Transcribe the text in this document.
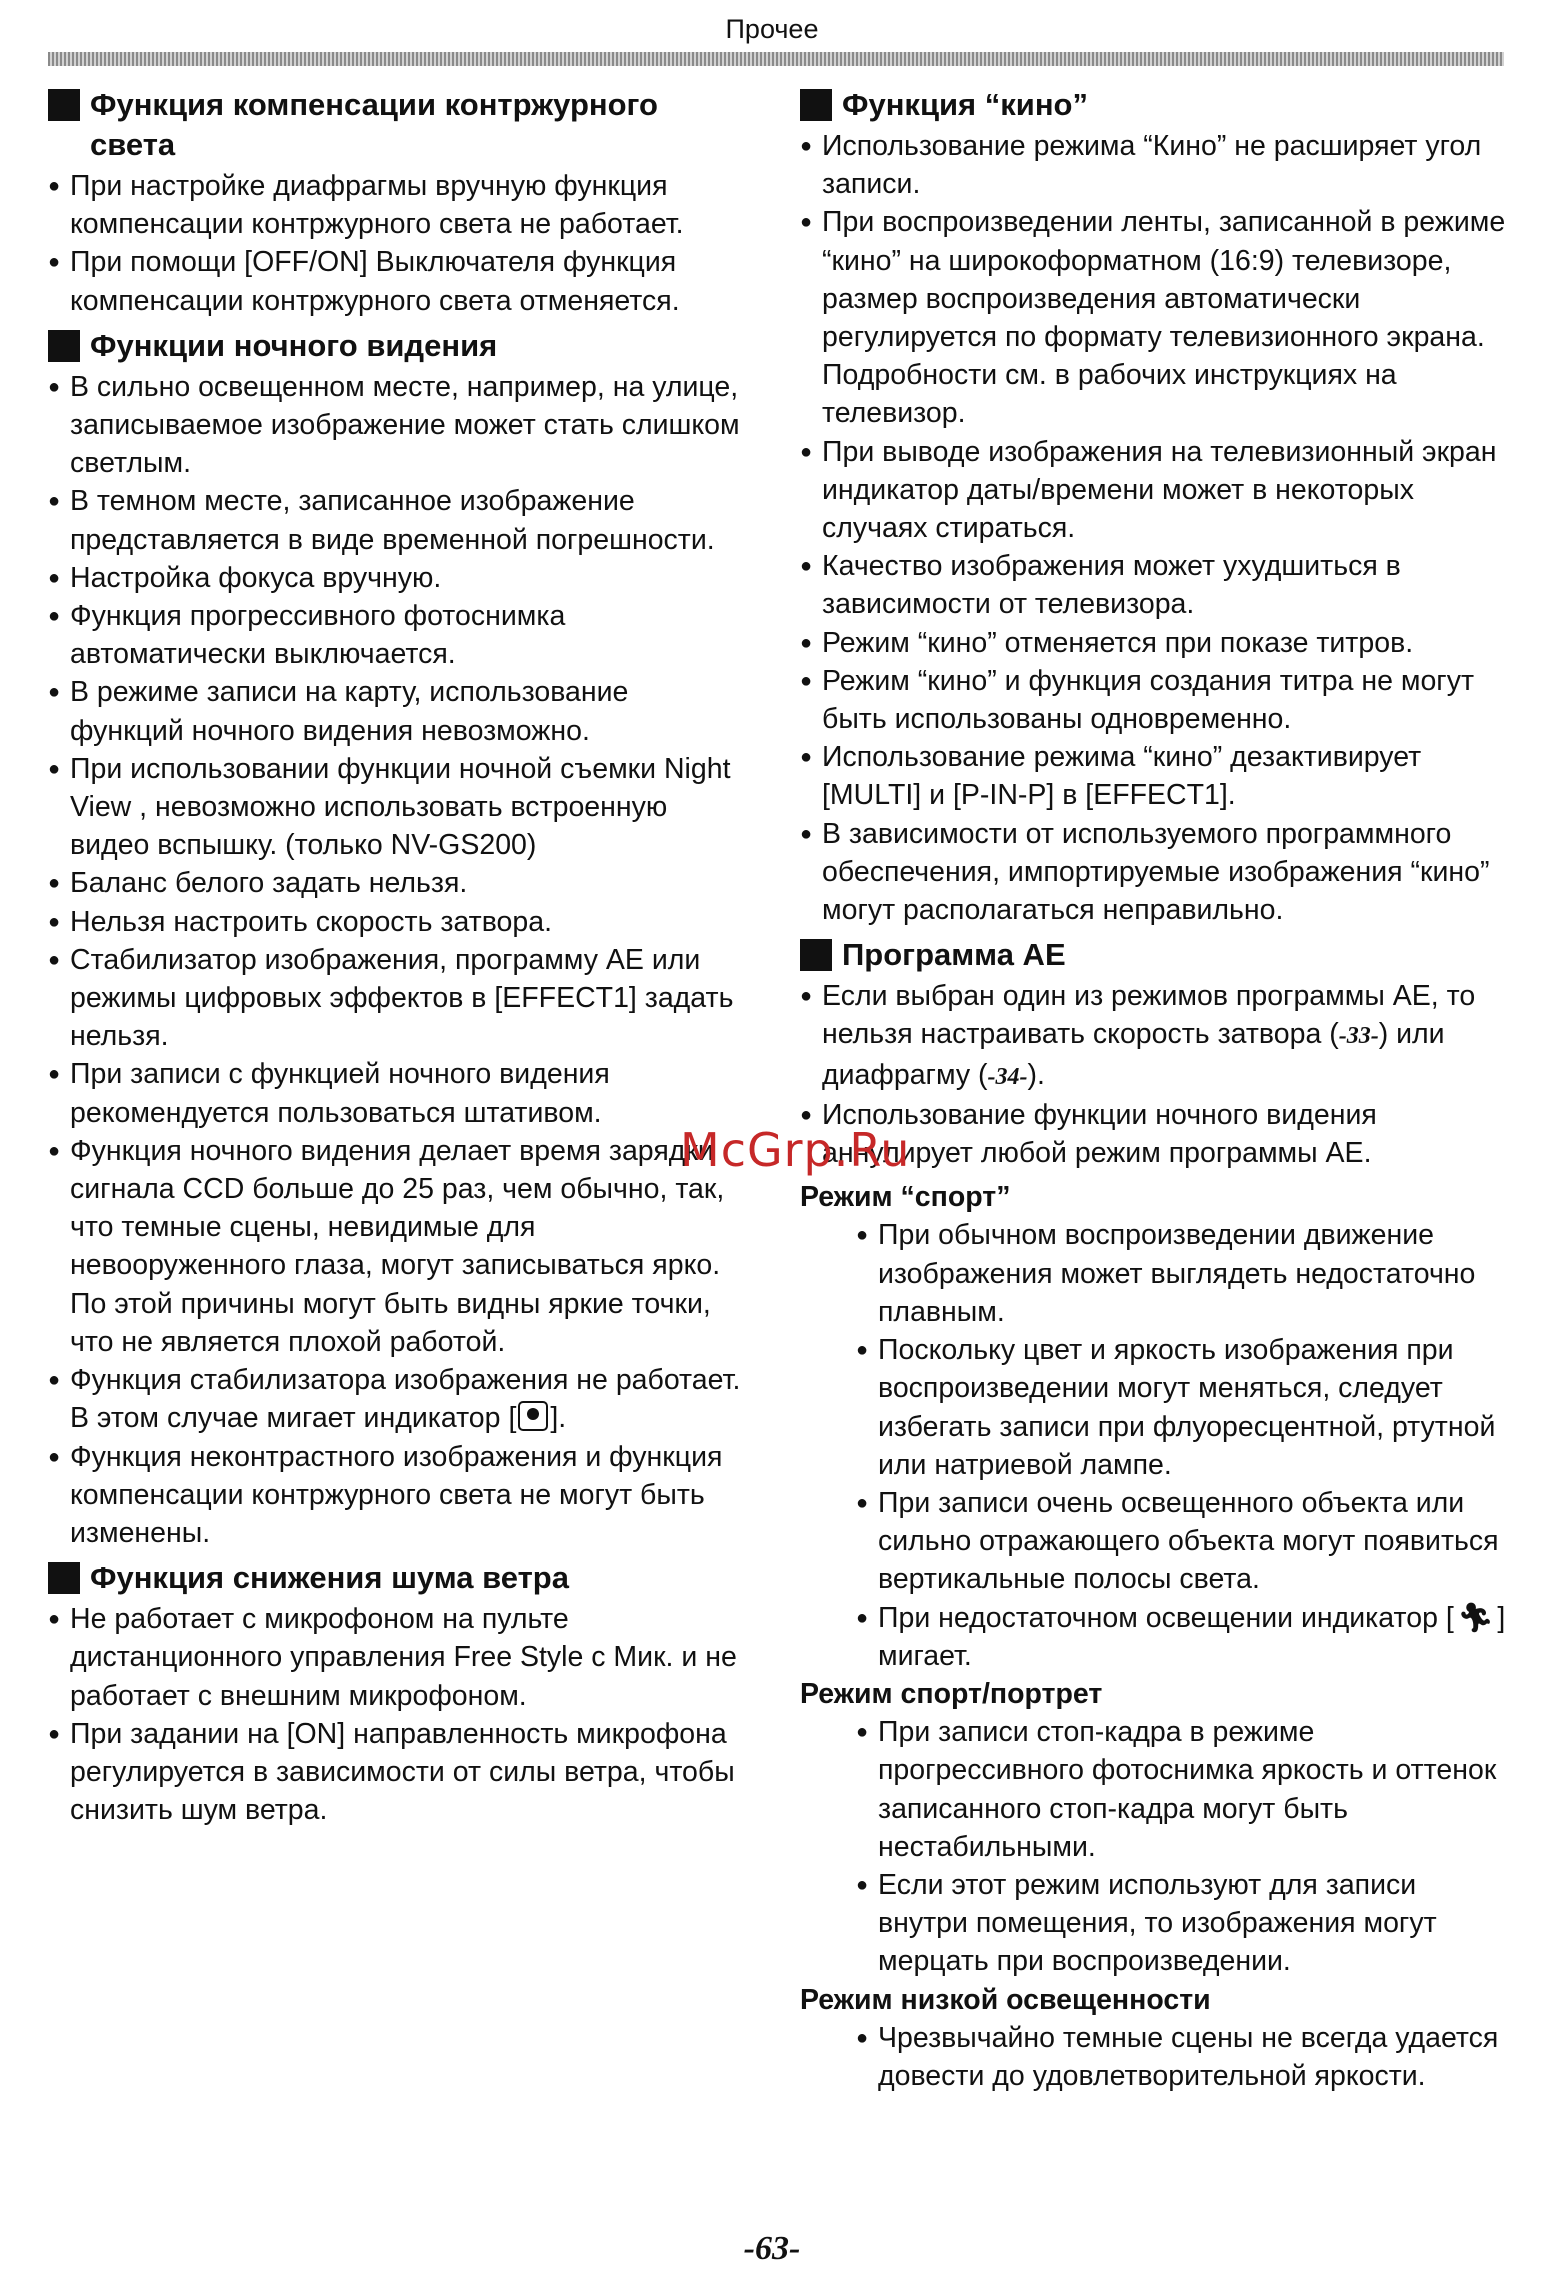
Прочее
Функция компенсации контржурного света
● При настройке диафрагмы вручную функция компенсации контржурного света не работает.
● При помощи [OFF/ON] Выключателя функция компенсации контржурного света отменяется.
Функции ночного видения
● В сильно освещенном месте, например, на улице, записываемое изображение может стать слишком светлым.
● В темном месте, записанное изображение представляется в виде временной погрешности.
● Настройка фокуса вручную.
● Функция прогрессивного фотоснимка автоматически выключается.
● В режиме записи на карту, использование функций ночного видения невозможно.
● При использовании функции ночной съемки Night View , невозможно использовать встроенную видео вспышку. (только NV-GS200)
● Баланс белого задать нельзя.
● Нельзя настроить скорость затвора.
● Стабилизатор изображения, программу AE или режимы цифровых эффектов в [EFFECT1] задать нельзя.
● При записи с функцией ночного видения рекомендуется пользоваться штативом.
● Функция ночного видения делает время зарядки сигнала CCD больше до 25 раз, чем обычно, так, что темные сцены, невидимые для невооруженного глаза, могут записываться ярко. По этой причины могут быть видны яркие точки, что не является плохой работой.
● Функция стабилизатора изображения не работает. В этом случае мигает индикатор [ ].
● Функция неконтрастного изображения и функция компенсации контржурного света не могут быть изменены.
Функция снижения шума ветра
● Не работает с микрофоном на пульте дистанционного управления Free Style с Мик. и не работает с внешним микрофоном.
● При задании на [ON] направленность микрофона регулируется в зависимости от силы ветра, чтобы снизить шум ветра.
Функция “кино”
● Использование режима “Кино” не расширяет угол записи.
● При воспроизведении ленты, записанной в режиме “кино” на широкоформатном (16:9) телевизоре, размер воспроизведения автоматически регулируется по формату телевизионного экрана. Подробности см. в рабочих инструкциях на телевизор.
● При выводе изображения на телевизионный экран индикатор даты/времени может в некоторых случаях стираться.
● Качество изображения может ухудшиться в зависимости от телевизора.
● Режим “кино” отменяется при показе титров.
● Режим “кино” и функция создания титра не могут быть использованы одновременно.
● Использование режима “кино” дезактивирует [MULTI] и [P-IN-P] в [EFFECT1].
● В зависимости от используемого программного обеспечения, импортируемые изображения “кино” могут располагаться неправильно.
Программа AE
● Если выбран один из режимов программы AE, то нельзя настраивать скорость затвора (-33-) или диафрагму (-34-).
● Использование функции ночного видения аннулирует любой режим программы AE.
Режим “спорт”
● При обычном воспроизведении движение изображения может выглядеть недостаточно плавным.
● Поскольку цвет и яркость изображения при воспроизведении могут меняться, следует избегать записи при флуоресцентной, ртутной или натриевой лампе.
● При записи очень освещенного объекта или сильно отражающего объекта могут появиться вертикальные полосы света.
● При недостаточном освещении индикатор [ 🏃︎ ] мигает.
Режим спорт/портрет
● При записи стоп-кадра в режиме прогрессивного фотоснимка яркость и оттенок записанного стоп-кадра могут быть нестабильными.
● Если этот режим используют для записи внутри помещения, то изображения могут мерцать при воспроизведении.
Режим низкой освещенности
● Чрезвычайно темные сцены не всегда удается довести до удовлетворительной яркости.
McGrp.Ru
-63-
